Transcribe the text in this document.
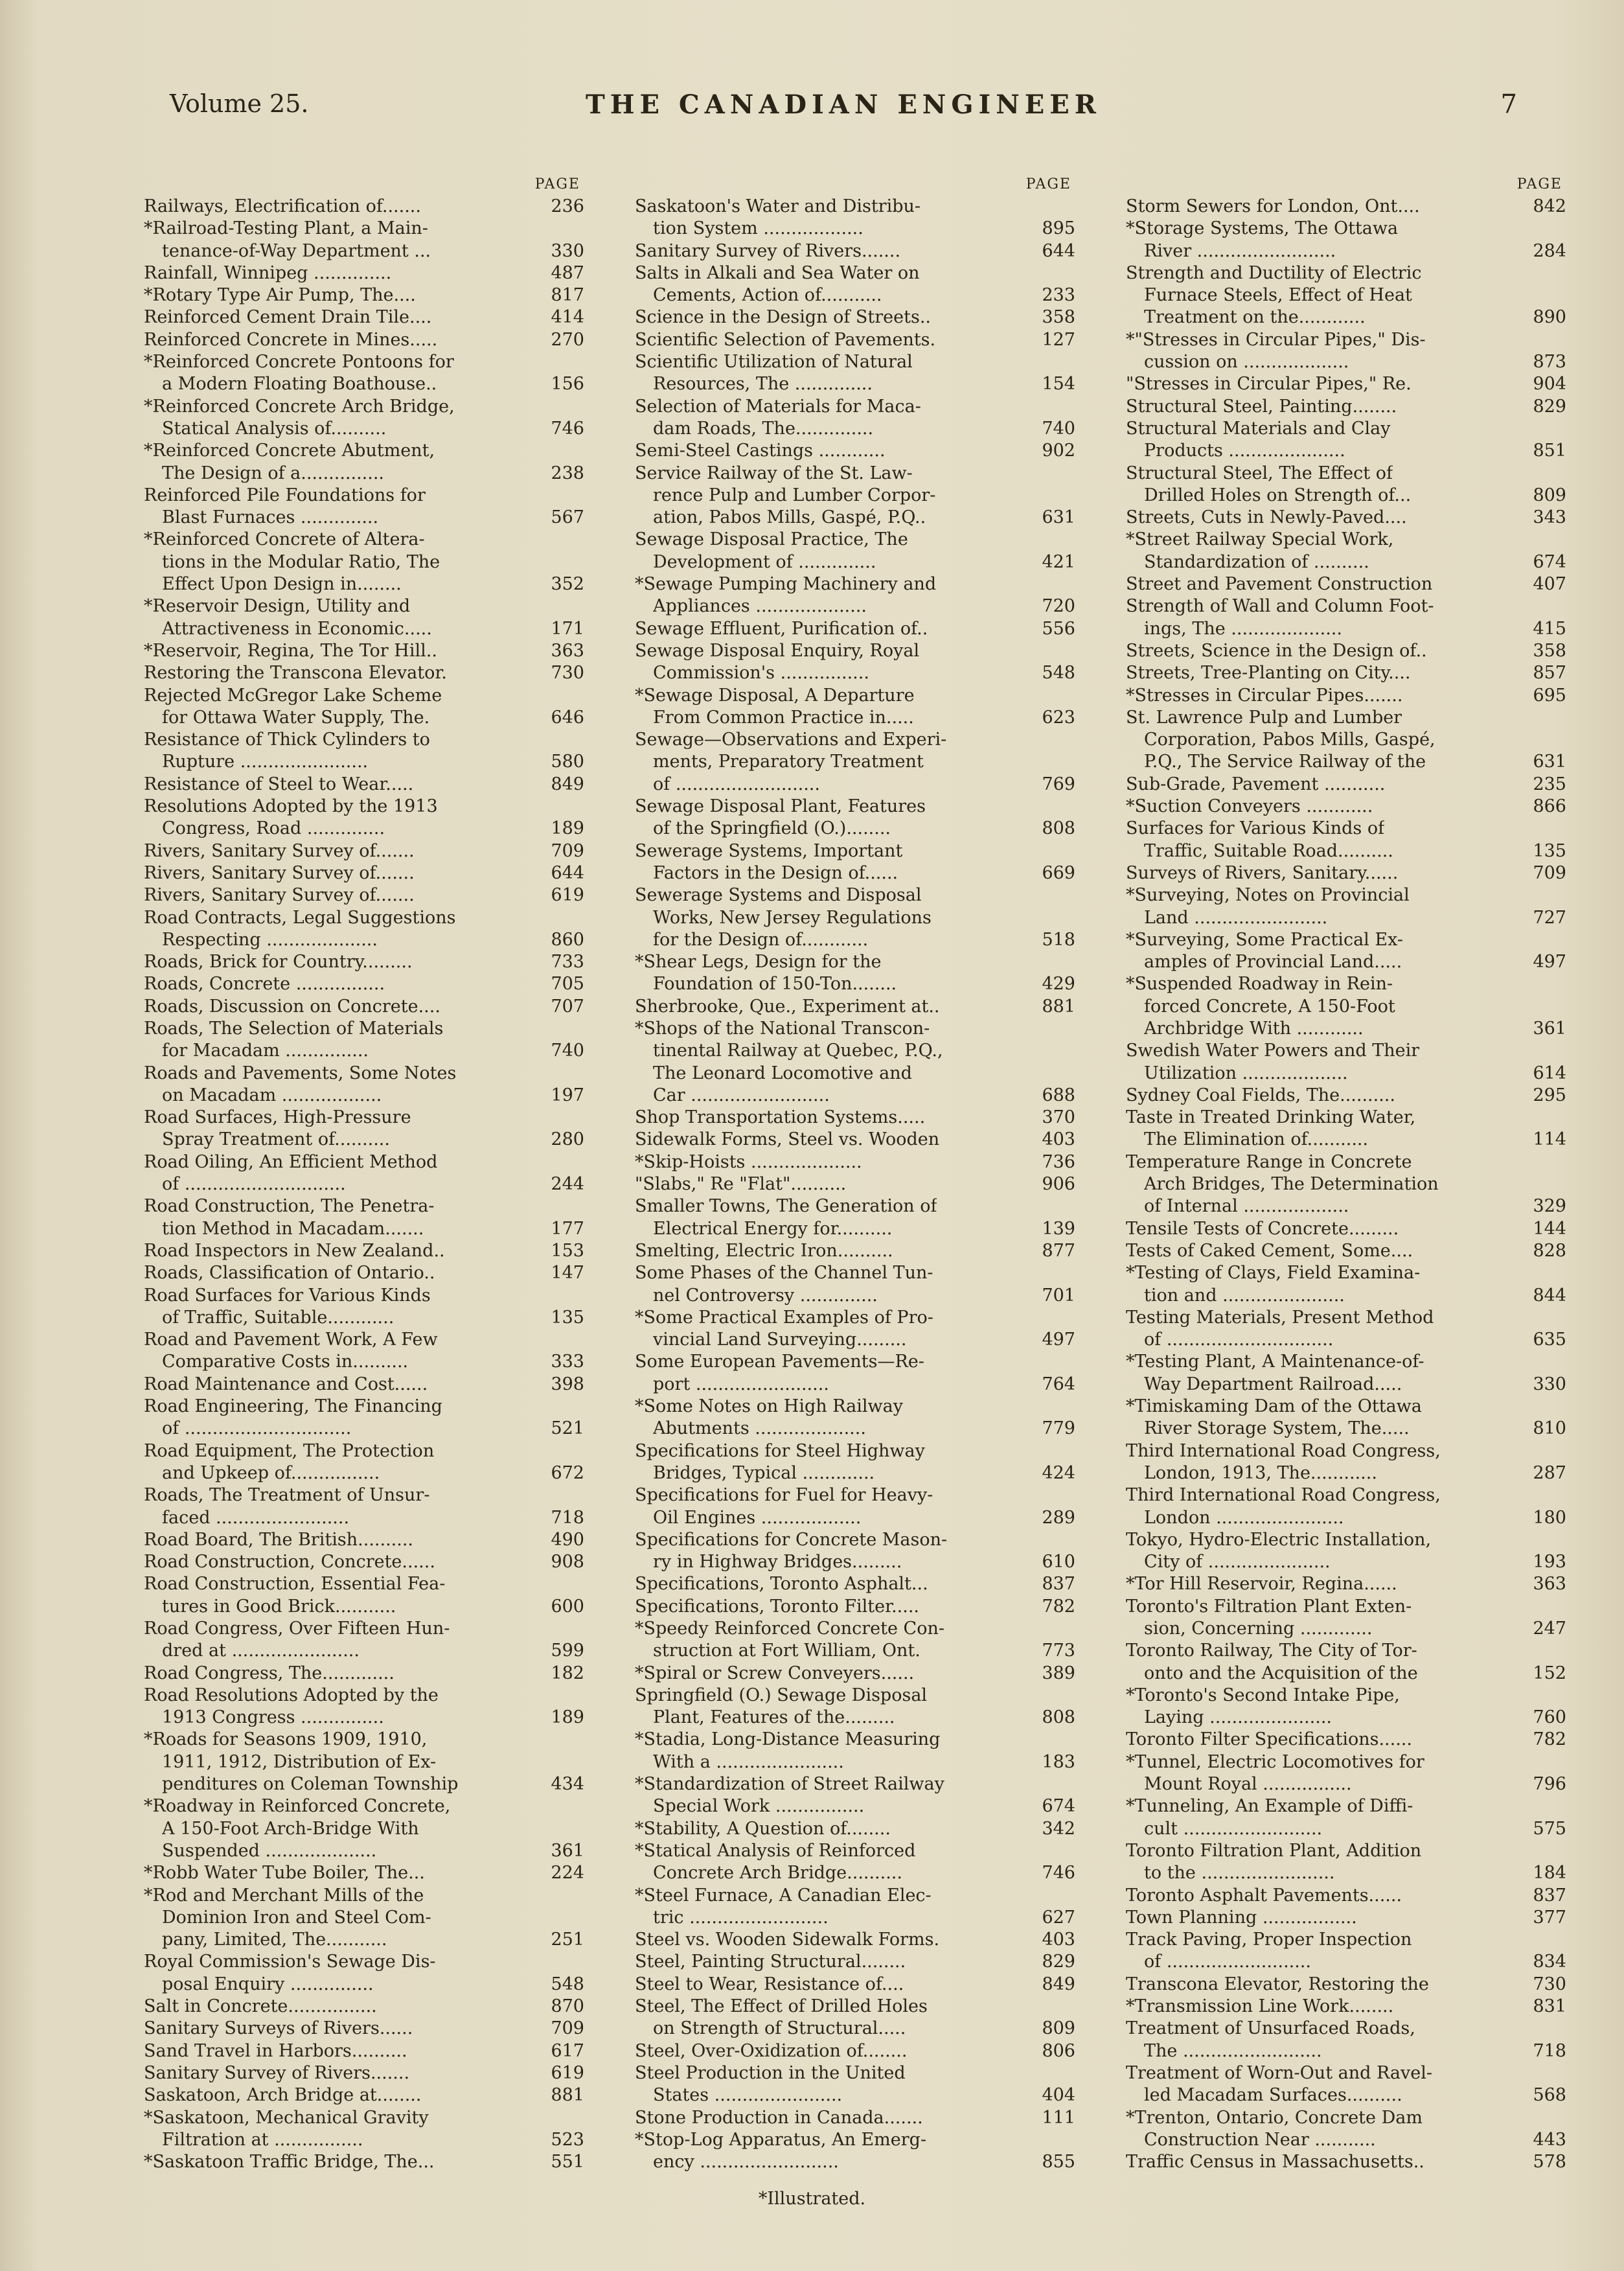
Volume 25.	THE CANADIAN ENGINEER	7
PAGE
Railways, Electrification of.......	236
*Railroad-Testing Plant, a Main-
tenance-of-Way Department ...	330
Rainfall, Winnipeg ..............	487
*Rotary Type Air Pump, The....	817
Reinforced Cement Drain Tile....	414
Reinforced Concrete in Mines.....	270
*Reinforced Concrete Pontoons for
a Modern Floating Boathouse..	156
*Reinforced Concrete Arch Bridge,
Statical Analysis of..........	746
*Reinforced Concrete Abutment,
The Design of a...............	238
Reinforced Pile Foundations for
Blast Furnaces ..............	567
*Reinforced Concrete of Altera-
tions in the Modular Ratio, The
Effect Upon Design in........	352
*Reservoir Design, Utility and
Attractiveness in Economic.....	171
*Reservoir, Regina, The Tor Hill..	363
Restoring the Transcona Elevator.	730
Rejected McGregor Lake Scheme
for Ottawa Water Supply, The.	646
Resistance of Thick Cylinders to
Rupture .......................	580
Resistance of Steel to Wear.....	849
Resolutions Adopted by the 1913
Congress, Road ..............	189
Rivers, Sanitary Survey of.......	709
Rivers, Sanitary Survey of.......	644
Rivers, Sanitary Survey of.......	619
Road Contracts, Legal Suggestions
Respecting ....................	860
Roads, Brick for Country.........	733
Roads, Concrete ................	705
Roads, Discussion on Concrete....	707
Roads, The Selection of Materials
for Macadam ...............	740
Roads and Pavements, Some Notes
on Macadam ..................	197
Road Surfaces, High-Pressure
Spray Treatment of..........	280
Road Oiling, An Efficient Method
of .............................	244
Road Construction, The Penetra-
tion Method in Macadam.......	177
Road Inspectors in New Zealand..	153
Roads, Classification of Ontario..	147
Road Surfaces for Various Kinds
of Traffic, Suitable............	135
Road and Pavement Work, A Few
Comparative Costs in..........	333
Road Maintenance and Cost......	398
Road Engineering, The Financing
of ..............................	521
Road Equipment, The Protection
and Upkeep of................	672
Roads, The Treatment of Unsur-
faced ........................	718
Road Board, The British..........	490
Road Construction, Concrete......	908
Road Construction, Essential Fea-
tures in Good Brick...........	600
Road Congress, Over Fifteen Hun-
dred at .......................	599
Road Congress, The.............	182
Road Resolutions Adopted by the
1913 Congress ...............	189
*Roads for Seasons 1909, 1910,
1911, 1912, Distribution of Ex-
penditures on Coleman Township	434
*Roadway in Reinforced Concrete,
A 150-Foot Arch-Bridge With
Suspended ....................	361
*Robb Water Tube Boiler, The...	224
*Rod and Merchant Mills of the
Dominion Iron and Steel Com-
pany, Limited, The...........	251
Royal Commission's Sewage Dis-
posal Enquiry ...............	548
Salt in Concrete................	870
Sanitary Surveys of Rivers......	709
Sand Travel in Harbors..........	617
Sanitary Survey of Rivers.......	619
Saskatoon, Arch Bridge at........	881
*Saskatoon, Mechanical Gravity
Filtration at ................	523
*Saskatoon Traffic Bridge, The...	551
PAGE
Saskatoon's Water and Distribu-
tion System ..................	895
Sanitary Survey of Rivers.......	644
Salts in Alkali and Sea Water on
Cements, Action of...........	233
Science in the Design of Streets..	358
Scientific Selection of Pavements.	127
Scientific Utilization of Natural
Resources, The ..............	154
Selection of Materials for Maca-
dam Roads, The..............	740
Semi-Steel Castings ............	902
Service Railway of the St. Law-
rence Pulp and Lumber Corpor-
ation, Pabos Mills, Gaspé, P.Q..	631
Sewage Disposal Practice, The
Development of ..............	421
*Sewage Pumping Machinery and
Appliances ....................	720
Sewage Effluent, Purification of..	556
Sewage Disposal Enquiry, Royal
Commission's ................	548
*Sewage Disposal, A Departure
From Common Practice in.....	623
Sewage—Observations and Experi-
ments, Preparatory Treatment
of ..........................	769
Sewage Disposal Plant, Features
of the Springfield (O.)........	808
Sewerage Systems, Important
Factors in the Design of......	669
Sewerage Systems and Disposal
Works, New Jersey Regulations
for the Design of............	518
*Shear Legs, Design for the
Foundation of 150-Ton........	429
Sherbrooke, Que., Experiment at..	881
*Shops of the National Transcon-
tinental Railway at Quebec, P.Q.,
The Leonard Locomotive and
Car .........................	688
Shop Transportation Systems.....	370
Sidewalk Forms, Steel vs. Wooden	403
*Skip-Hoists ....................	736
"Slabs," Re "Flat"..........	906
Smaller Towns, The Generation of
Electrical Energy for..........	139
Smelting, Electric Iron..........	877
Some Phases of the Channel Tun-
nel Controversy ..............	701
*Some Practical Examples of Pro-
vincial Land Surveying.........	497
Some European Pavements—Re-
port ........................	764
*Some Notes on High Railway
Abutments ....................	779
Specifications for Steel Highway
Bridges, Typical .............	424
Specifications for Fuel for Heavy-
Oil Engines ..................	289
Specifications for Concrete Mason-
ry in Highway Bridges.........	610
Specifications, Toronto Asphalt...	837
Specifications, Toronto Filter.....	782
*Speedy Reinforced Concrete Con-
struction at Fort William, Ont.	773
*Spiral or Screw Conveyers......	389
Springfield (O.) Sewage Disposal
Plant, Features of the.........	808
*Stadia, Long-Distance Measuring
With a .......................	183
*Standardization of Street Railway
Special Work ................	674
*Stability, A Question of........	342
*Statical Analysis of Reinforced
Concrete Arch Bridge..........	746
*Steel Furnace, A Canadian Elec-
tric .........................	627
Steel vs. Wooden Sidewalk Forms.	403
Steel, Painting Structural........	829
Steel to Wear, Resistance of....	849
Steel, The Effect of Drilled Holes
on Strength of Structural.....	809
Steel, Over-Oxidization of........	806
Steel Production in the United
States .......................	404
Stone Production in Canada.......	111
*Stop-Log Apparatus, An Emerg-
ency .........................	855
PAGE
Storm Sewers for London, Ont....	842
*Storage Systems, The Ottawa
River .........................	284
Strength and Ductility of Electric
Furnace Steels, Effect of Heat
Treatment on the............	890
*"Stresses in Circular Pipes," Dis-
cussion on ...................	873
"Stresses in Circular Pipes," Re.	904
Structural Steel, Painting........	829
Structural Materials and Clay
Products .....................	851
Structural Steel, The Effect of
Drilled Holes on Strength of...	809
Streets, Cuts in Newly-Paved....	343
*Street Railway Special Work,
Standardization of ..........	674
Street and Pavement Construction	407
Strength of Wall and Column Foot-
ings, The ....................	415
Streets, Science in the Design of..	358
Streets, Tree-Planting on City....	857
*Stresses in Circular Pipes.......	695
St. Lawrence Pulp and Lumber
Corporation, Pabos Mills, Gaspé,
P.Q., The Service Railway of the	631
Sub-Grade, Pavement ...........	235
*Suction Conveyers ............	866
Surfaces for Various Kinds of
Traffic, Suitable Road..........	135
Surveys of Rivers, Sanitary......	709
*Surveying, Notes on Provincial
Land ........................	727
*Surveying, Some Practical Ex-
amples of Provincial Land.....	497
*Suspended Roadway in Rein-
forced Concrete, A 150-Foot
Archbridge With ............	361
Swedish Water Powers and Their
Utilization ...................	614
Sydney Coal Fields, The..........	295
Taste in Treated Drinking Water,
The Elimination of...........	114
Temperature Range in Concrete
Arch Bridges, The Determination
of Internal ...................	329
Tensile Tests of Concrete.........	144
Tests of Caked Cement, Some....	828
*Testing of Clays, Field Examina-
tion and ......................	844
Testing Materials, Present Method
of ..............................	635
*Testing Plant, A Maintenance-of-
Way Department Railroad.....	330
*Timiskaming Dam of the Ottawa
River Storage System, The.....	810
Third International Road Congress,
London, 1913, The............	287
Third International Road Congress,
London .......................	180
Tokyo, Hydro-Electric Installation,
City of ......................	193
*Tor Hill Reservoir, Regina......	363
Toronto's Filtration Plant Exten-
sion, Concerning .............	247
Toronto Railway, The City of Tor-
onto and the Acquisition of the	152
*Toronto's Second Intake Pipe,
Laying ......................	760
Toronto Filter Specifications......	782
*Tunnel, Electric Locomotives for
Mount Royal ................	796
*Tunneling, An Example of Diffi-
cult .........................	575
Toronto Filtration Plant, Addition
to the ........................	184
Toronto Asphalt Pavements......	837
Town Planning .................	377
Track Paving, Proper Inspection
of ..........................	834
Transcona Elevator, Restoring the	730
*Transmission Line Work........	831
Treatment of Unsurfaced Roads,
The .........................	718
Treatment of Worn-Out and Ravel-
led Macadam Surfaces..........	568
*Trenton, Ontario, Concrete Dam
Construction Near ...........	443
Traffic Census in Massachusetts..	578
*Illustrated.
